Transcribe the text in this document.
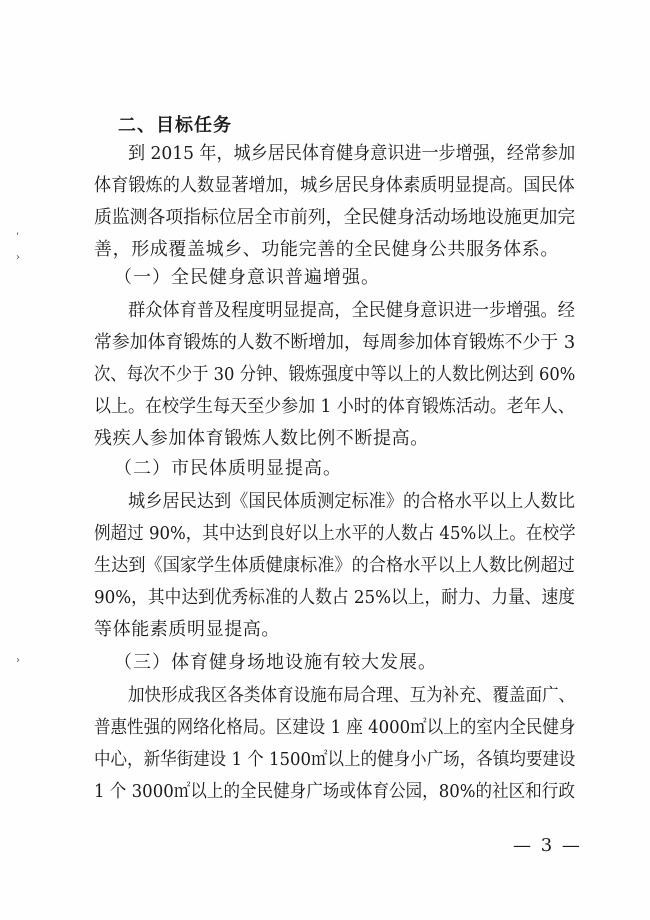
,
›
›
二、目标任务
到 2015 年，城乡居民体育健身意识进一步增强，经常参加
体育锻炼的人数显著增加，城乡居民身体素质明显提高。国民体
质监测各项指标位居全市前列，全民健身活动场地设施更加完
善，形成覆盖城乡、功能完善的全民健身公共服务体系。
（一）全民健身意识普遍增强。
群众体育普及程度明显提高，全民健身意识进一步增强。经
常参加体育锻炼的人数不断增加，每周参加体育锻炼不少于 3
次、每次不少于 30 分钟、锻炼强度中等以上的人数比例达到 60%
以上。在校学生每天至少参加 1 小时的体育锻炼活动。老年人、
残疾人参加体育锻炼人数比例不断提高。
（二）市民体质明显提高。
城乡居民达到《国民体质测定标准》的合格水平以上人数比
例超过 90%，其中达到良好以上水平的人数占 45%以上。在校学
生达到《国家学生体质健康标准》的合格水平以上人数比例超过
90%，其中达到优秀标准的人数占 25%以上，耐力、力量、速度
等体能素质明显提高。
（三）体育健身场地设施有较大发展。
加快形成我区各类体育设施布局合理、互为补充、覆盖面广、
普惠性强的网络化格局。区建设 1 座 4000㎡以上的室内全民健身
中心，新华街建设 1 个 1500㎡以上的健身小广场，各镇均要建设
1 个 3000㎡以上的全民健身广场或体育公园，80%的社区和行政
— 3 —
